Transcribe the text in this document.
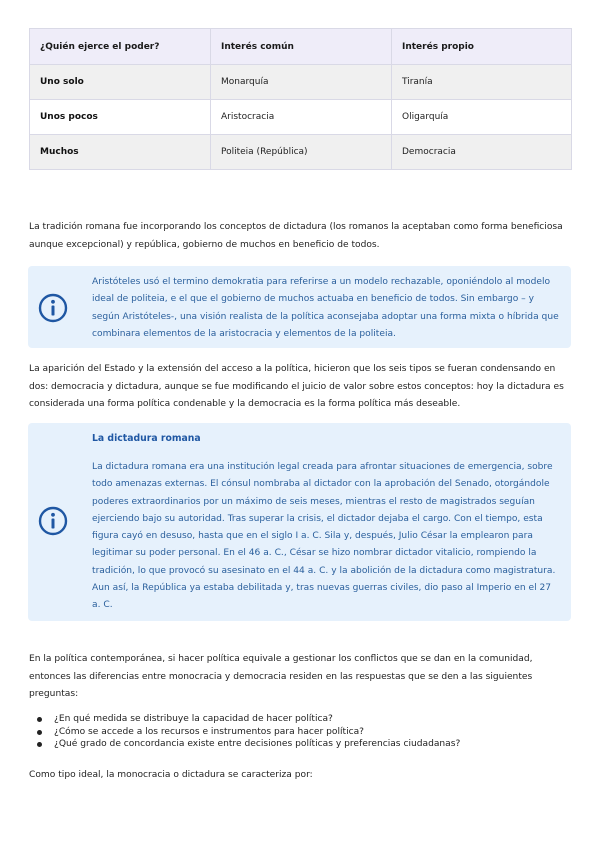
¿Quién ejerce el poder?	Interés común	Interés propio
Uno solo	Monarquía	Tiranía
Unos pocos	Aristocracia	Oligarquía
Muchos	Politeia (República)	Democracia

La tradición romana fue incorporando los conceptos de dictadura (los romanos la aceptaban como forma beneficiosa aunque excepcional) y república, gobierno de muchos en beneficio de todos.

Aristóteles usó el termino demokratia para referirse a un modelo rechazable, oponiéndolo al modelo ideal de politeia, e el que el gobierno de muchos actuaba en beneficio de todos. Sin embargo – y según Aristóteles-, una visión realista de la política aconsejaba adoptar una forma mixta o híbrida que combinara elementos de la aristocracia y elementos de la politeia.

La aparición del Estado y la extensión del acceso a la política, hicieron que los seis tipos se fueran condensando en dos: democracia y dictadura, aunque se fue modificando el juicio de valor sobre estos conceptos: hoy la dictadura es considerada una forma política condenable y la democracia es la forma política más deseable.

La dictadura romana

La dictadura romana era una institución legal creada para afrontar situaciones de emergencia, sobre todo amenazas externas. El cónsul nombraba al dictador con la aprobación del Senado, otorgándole poderes extraordinarios por un máximo de seis meses, mientras el resto de magistrados seguían ejerciendo bajo su autoridad. Tras superar la crisis, el dictador dejaba el cargo. Con el tiempo, esta figura cayó en desuso, hasta que en el siglo I a. C. Sila y, después, Julio César la emplearon para legitimar su poder personal. En el 46 a. C., César se hizo nombrar dictador vitalicio, rompiendo la tradición, lo que provocó su asesinato en el 44 a. C. y la abolición de la dictadura como magistratura. Aun así, la República ya estaba debilitada y, tras nuevas guerras civiles, dio paso al Imperio en el 27 a. C.

En la política contemporánea, si hacer política equivale a gestionar los conflictos que se dan en la comunidad, entonces las diferencias entre monocracia y democracia residen en las respuestas que se den a las siguientes preguntas:

¿En qué medida se distribuye la capacidad de hacer política?
¿Cómo se accede a los recursos e instrumentos para hacer política?
¿Qué grado de concordancia existe entre decisiones políticas y preferencias ciudadanas?

Como tipo ideal, la monocracia o dictadura se caracteriza por:
